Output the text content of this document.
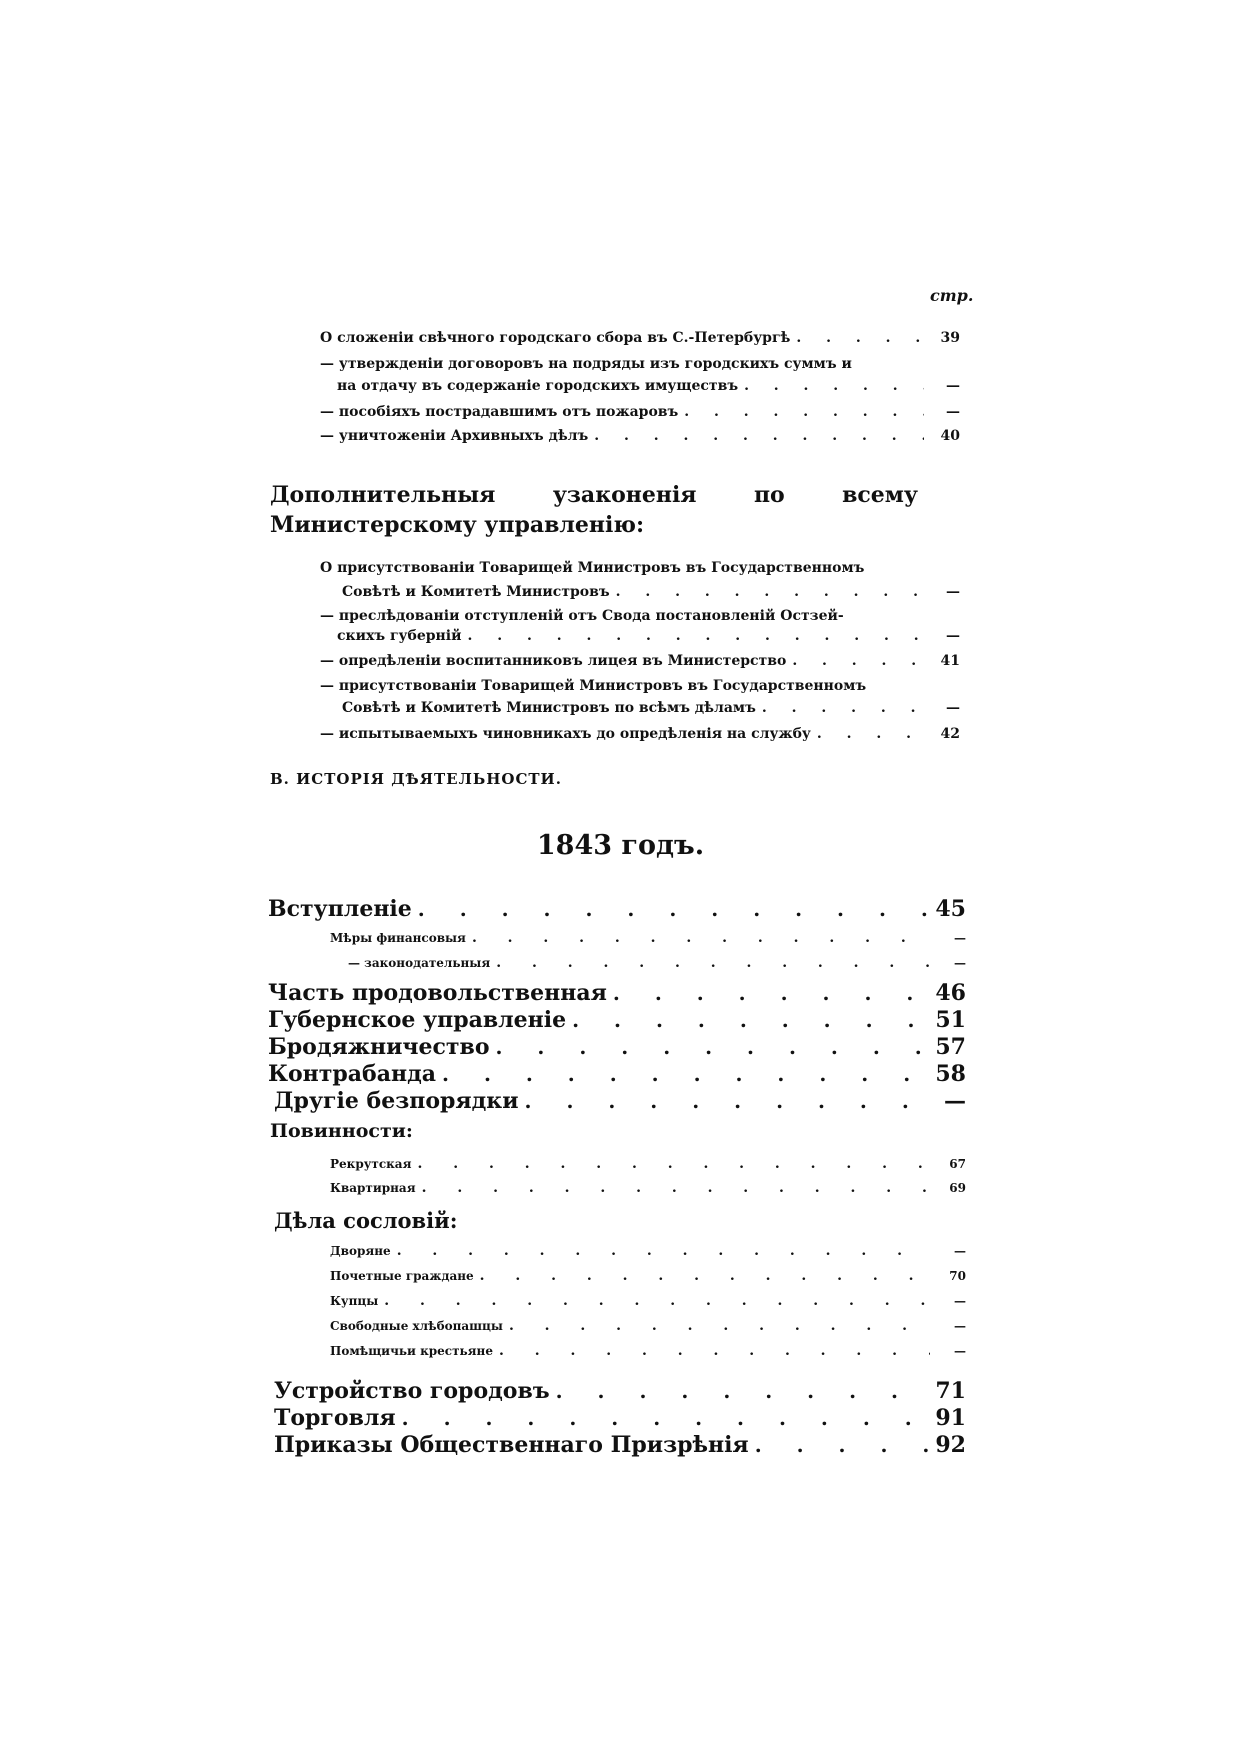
стр.
О сложеніи свѣчного городскаго сбора въ С.-Петербургѣ . . .	39
— утвержденіи договоровъ на подряды изъ городскихъ суммъ и
на отдачу въ содержаніе городскихъ имуществъ . . .	—
— пособіяхъ пострадавшимъ отъ пожаровъ . . .	—
— уничтоженіи Архивныхъ дѣлъ . . .	40
Дополнительныя узаконенія по всему Министерскому управленію:
О присутствованіи Товарищей Министровъ въ Государственномъ
Совѣтѣ и Комитетѣ Министровъ . . .	—
— преслѣдованіи отступленій отъ Свода постановленій Остзей-
скихъ губерній . . .	—
— опредѣленіи воспитанниковъ лицея въ Министерство . . .	41
— присутствованіи Товарищей Министровъ въ Государственномъ
Совѣтѣ и Комитетѣ Министровъ по всѣмъ дѣламъ . . .	—
— испытываемыхъ чиновникахъ до опредѣленія на службу . . .	42
В. ИСТОРІЯ ДѢЯТЕЛЬНОСТИ.
1843 годъ.
Вступленіе . . .	45
Мѣры финансовыя . . .	—
— законодательныя . . .	—
Часть продовольственная . . .	46
Губернское управленіе . . .	51
Бродяжничество . . .	57
Контрабанда . . .	58
Другіе безпорядки . . .	—
Повинности:
Рекрутская . . .	67
Квартирная . . .	69
Дѣла сословій:
Дворяне . . .	—
Почетные граждане . . .	70
Купцы . . .	—
Свободные хлѣбопашцы . . .	—
Помѣщичьи крестьяне . . .	—
Устройство городовъ . . .	71
Торговля . . .	91
Приказы Общественнаго Призрѣнія . . .	92
